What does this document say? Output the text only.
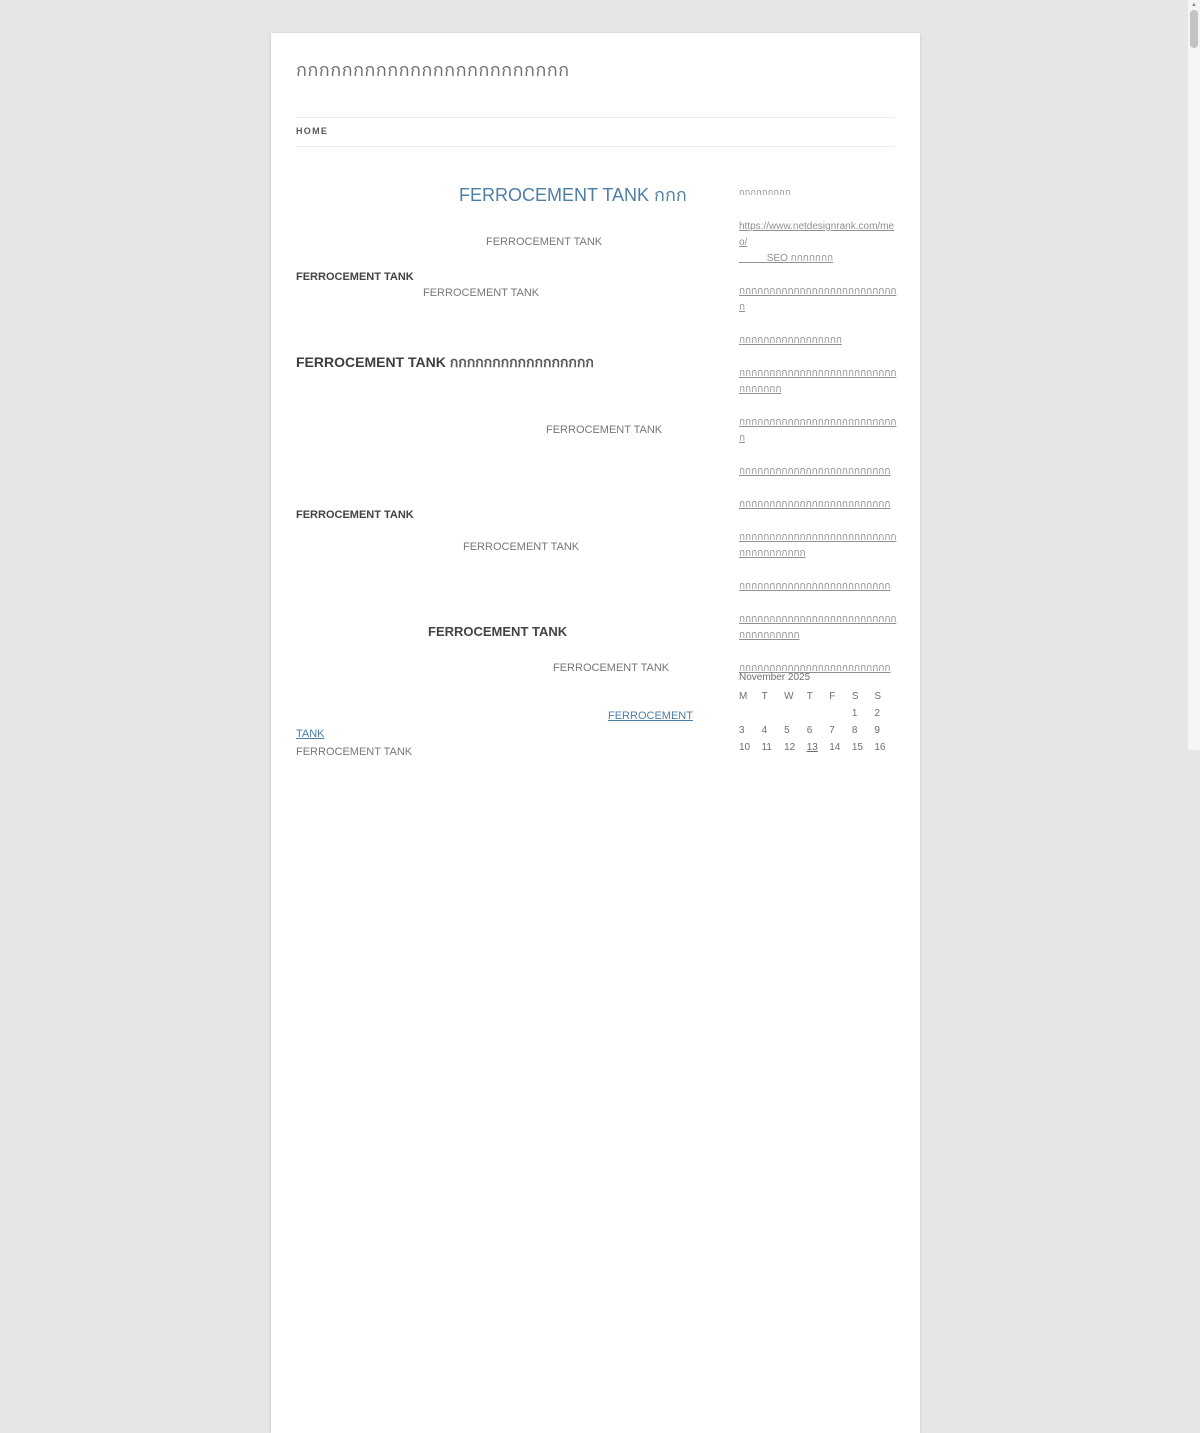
▲
กกกกกกกกกกกกกกกกกกกกกกกก
HOME
FERROCEMENT TANK กกก
FERROCEMENT TANK
FERROCEMENT TANK
FERROCEMENT TANK
FERROCEMENT TANK กกกกกกกกกกกกกกกกก
FERROCEMENT TANK
FERROCEMENT TANK
FERROCEMENT TANK
FERROCEMENT TANK
FERROCEMENT TANK
FERROCEMENT
TANK
FERROCEMENT TANK
กกกกกกกกก
https://www.netdesignrank.com/meo/
SEO กกกกกกก
กกกกกกกกกกกกกกกกกกกกกกกกกกก
กกกกกกกกกกกกกกกกก
กกกกกกกกกกกกกกกกกกกกกกกกกกกกกกกกก
กกกกกกกกกกกกกกกกกกกกกกกกกกก
กกกกกกกกกกกกกกกกกกกกกกกกก
กกกกกกกกกกกกกกกกกกกกกกกกก
กกกกกกกกกกกกกกกกกกกกกกกกกกกกกกกกกกกกก
กกกกกกกกกกกกกกกกกกกกกกกกก
กกกกกกกกกกกกกกกกกกกกกกกกกกกกกกกกกกกก
กกกกกกกกกกกกกกกกกกกกกกกกก
November 2025
M	T	W	T	F	S	S
					1	2
3	4	5	6	7	8	9
10	11	12	13	14	15	16
